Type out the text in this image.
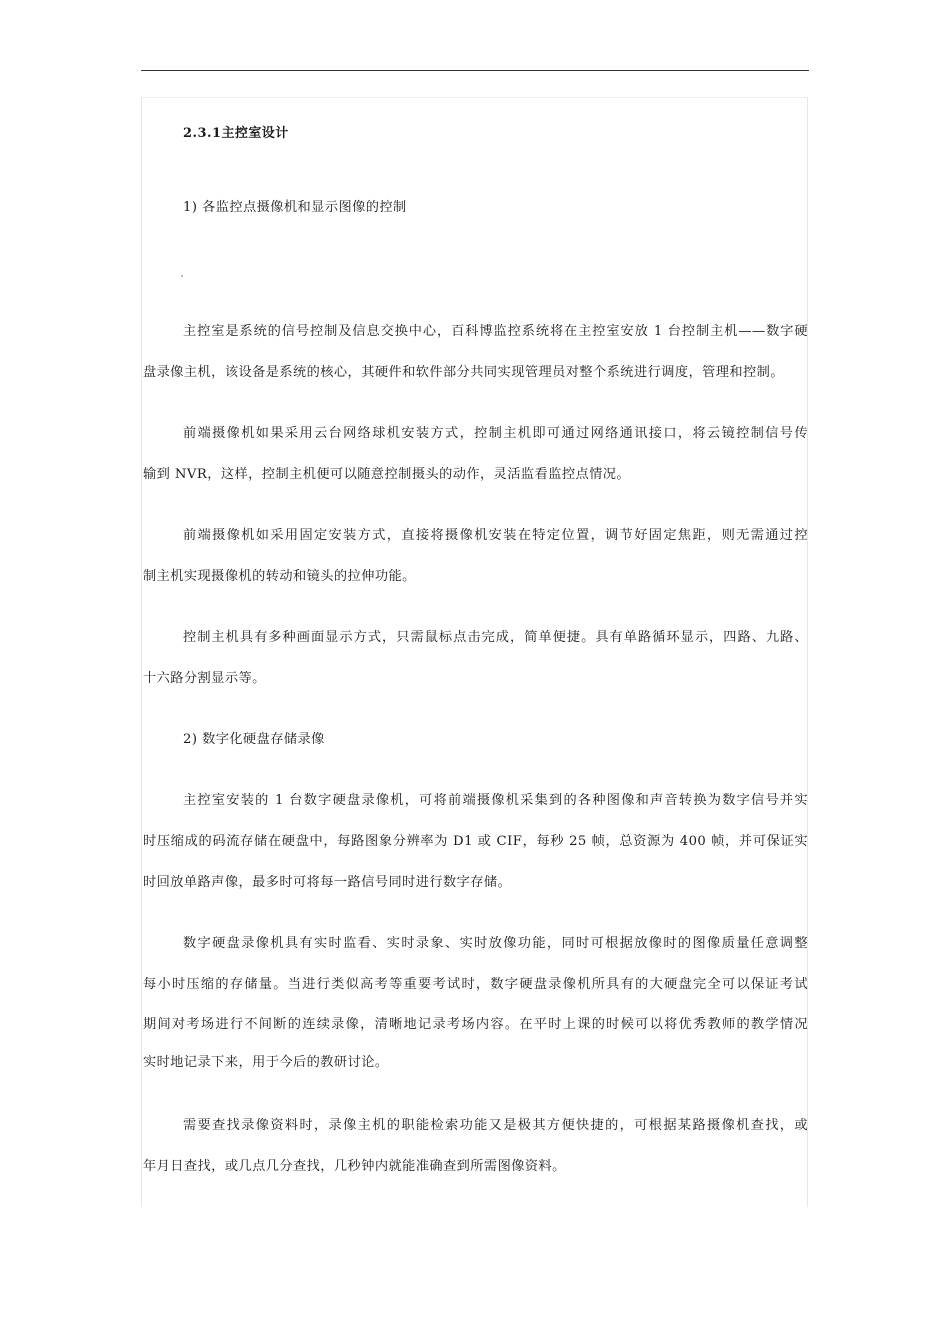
2.3.1主控室设计
1) 各监控点摄像机和显示图像的控制
主控室是系统的信号控制及信息交换中心，百科博监控系统将在主控室安放 1 台控制主机——数字硬
盘录像主机，该设备是系统的核心，其硬件和软件部分共同实现管理员对整个系统进行调度，管理和控制。
前端摄像机如果采用云台网络球机安装方式，控制主机即可通过网络通讯接口，将云镜控制信号传
输到 NVR，这样，控制主机便可以随意控制摄头的动作，灵活监看监控点情况。
前端摄像机如采用固定安装方式，直接将摄像机安装在特定位置，调节好固定焦距，则无需通过控
制主机实现摄像机的转动和镜头的拉伸功能。
控制主机具有多种画面显示方式，只需鼠标点击完成，简单便捷。具有单路循环显示，四路、九路、
十六路分割显示等。
2) 数字化硬盘存储录像
主控室安装的 1 台数字硬盘录像机，可将前端摄像机采集到的各种图像和声音转换为数字信号并实
时压缩成的码流存储在硬盘中，每路图象分辨率为 D1 或 CIF，每秒 25 帧，总资源为 400 帧，并可保证实
时回放单路声像，最多时可将每一路信号同时进行数字存储。
数字硬盘录像机具有实时监看、实时录象、实时放像功能，同时可根据放像时的图像质量任意调整
每小时压缩的存储量。当进行类似高考等重要考试时，数字硬盘录像机所具有的大硬盘完全可以保证考试
期间对考场进行不间断的连续录像，清晰地记录考场内容。在平时上课的时候可以将优秀教师的教学情况
实时地记录下来，用于今后的教研讨论。
需要查找录像资料时，录像主机的职能检索功能又是极其方便快捷的，可根据某路摄像机查找，或
年月日查找，或几点几分查找，几秒钟内就能准确查到所需图像资料。
